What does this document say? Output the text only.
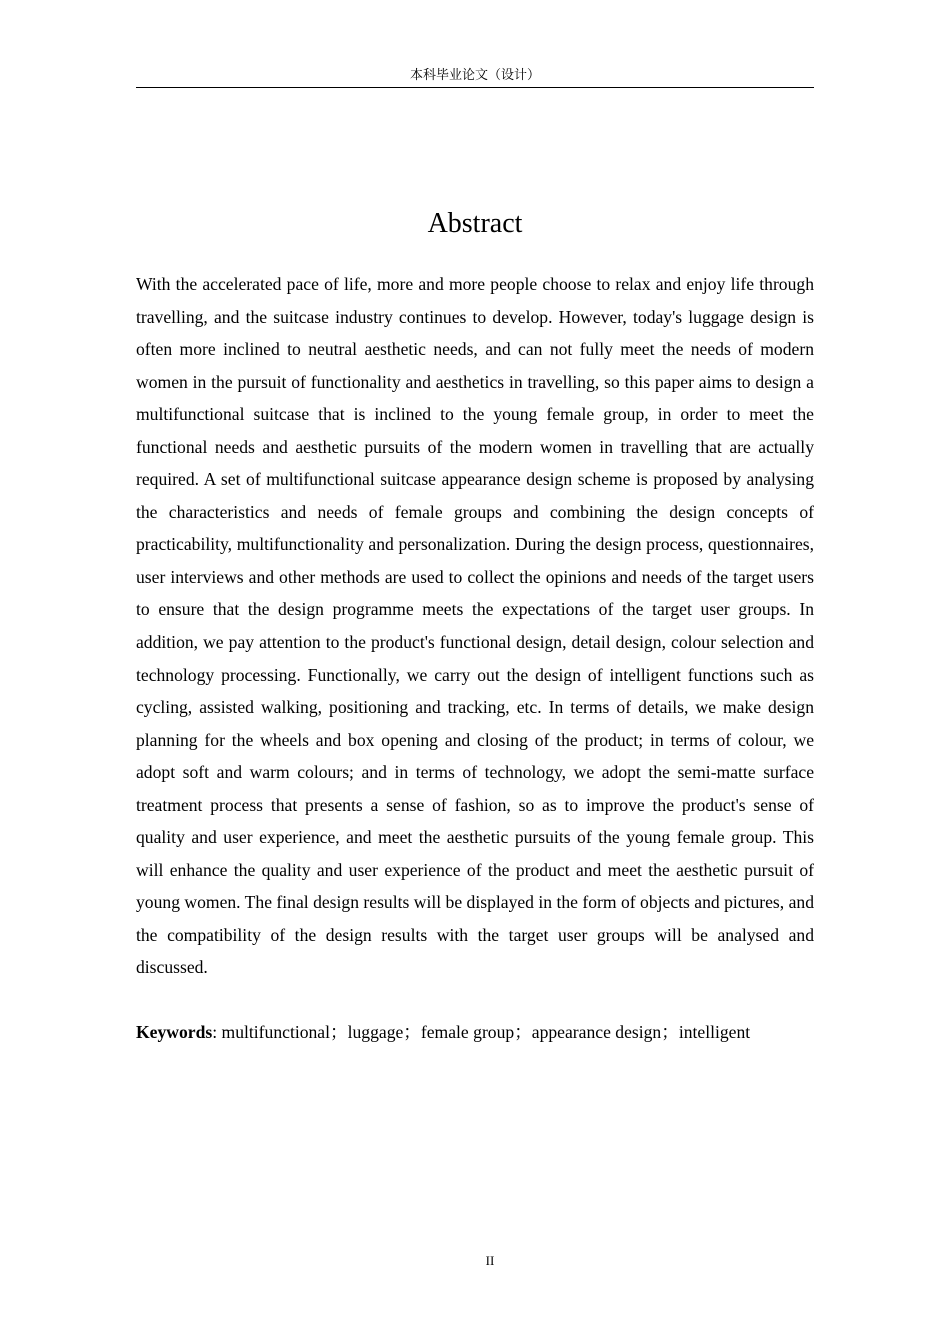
本科毕业论文（设计）
Abstract

With the accelerated pace of life, more and more people choose to relax and enjoy life through travelling, and the suitcase industry continues to develop. However, today's luggage design is often more inclined to neutral aesthetic needs, and can not fully meet the needs of modern women in the pursuit of functionality and aesthetics in travelling, so this paper aims to design a multifunctional suitcase that is inclined to the young female group, in order to meet the functional needs and aesthetic pursuits of the modern women in travelling that are actually required. A set of multifunctional suitcase appearance design scheme is proposed by analysing the characteristics and needs of female groups and combining the design concepts of practicability, multifunctionality and personalization. During the design process, questionnaires, user interviews and other methods are used to collect the opinions and needs of the target users to ensure that the design programme meets the expectations of the target user groups. In addition, we pay attention to the product's functional design, detail design, colour selection and technology processing. Functionally, we carry out the design of intelligent functions such as cycling, assisted walking, positioning and tracking, etc. In terms of details, we make design planning for the wheels and box opening and closing of the product; in terms of colour, we adopt soft and warm colours; and in terms of technology, we adopt the semi-matte surface treatment process that presents a sense of fashion, so as to improve the product's sense of quality and user experience, and meet the aesthetic pursuits of the young female group. This will enhance the quality and user experience of the product and meet the aesthetic pursuit of young women. The final design results will be displayed in the form of objects and pictures, and the compatibility of the design results with the target user groups will be analysed and discussed.

Keywords: multifunctional；luggage；female group；appearance design；intelligent

II
